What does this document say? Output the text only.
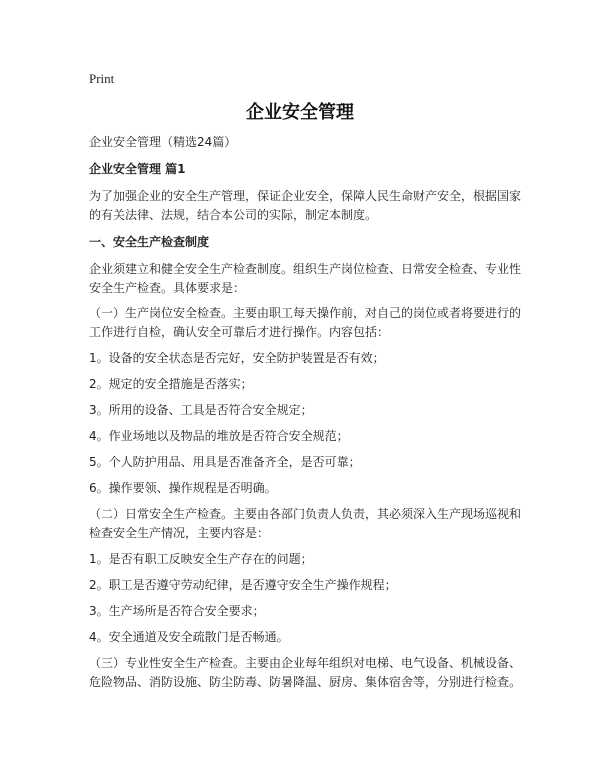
Print
企业安全管理

企业安全管理（精选24篇）

企业安全管理 篇1

为了加强企业的安全生产管理，保证企业安全，保障人民生命财产安全，根据国家
的有关法律、法规，结合本公司的实际，制定本制度。

一、安全生产检查制度

企业须建立和健全安全生产检查制度。组织生产岗位检查、日常安全检查、专业性
安全生产检查。具体要求是：

（一）生产岗位安全检查。主要由职工每天操作前，对自己的岗位或者将要进行的
工作进行自检，确认安全可靠后才进行操作。内容包括：

1。设备的安全状态是否完好，安全防护装置是否有效；

2。规定的安全措施是否落实；

3。所用的设备、工具是否符合安全规定；

4。作业场地以及物品的堆放是否符合安全规范；

5。个人防护用品、用具是否准备齐全，是否可靠；

6。操作要领、操作规程是否明确。

（二）日常安全生产检查。主要由各部门负责人负责，其必须深入生产现场巡视和
检查安全生产情况，主要内容是：

1。是否有职工反映安全生产存在的问题；

2。职工是否遵守劳动纪律，是否遵守安全生产操作规程；

3。生产场所是否符合安全要求；

4。安全通道及安全疏散门是否畅通。

（三）专业性安全生产检查。主要由企业每年组织对电梯、电气设备、机械设备、
危险物品、消防设施、防尘防毒、防暑降温、厨房、集体宿舍等，分别进行检查。
